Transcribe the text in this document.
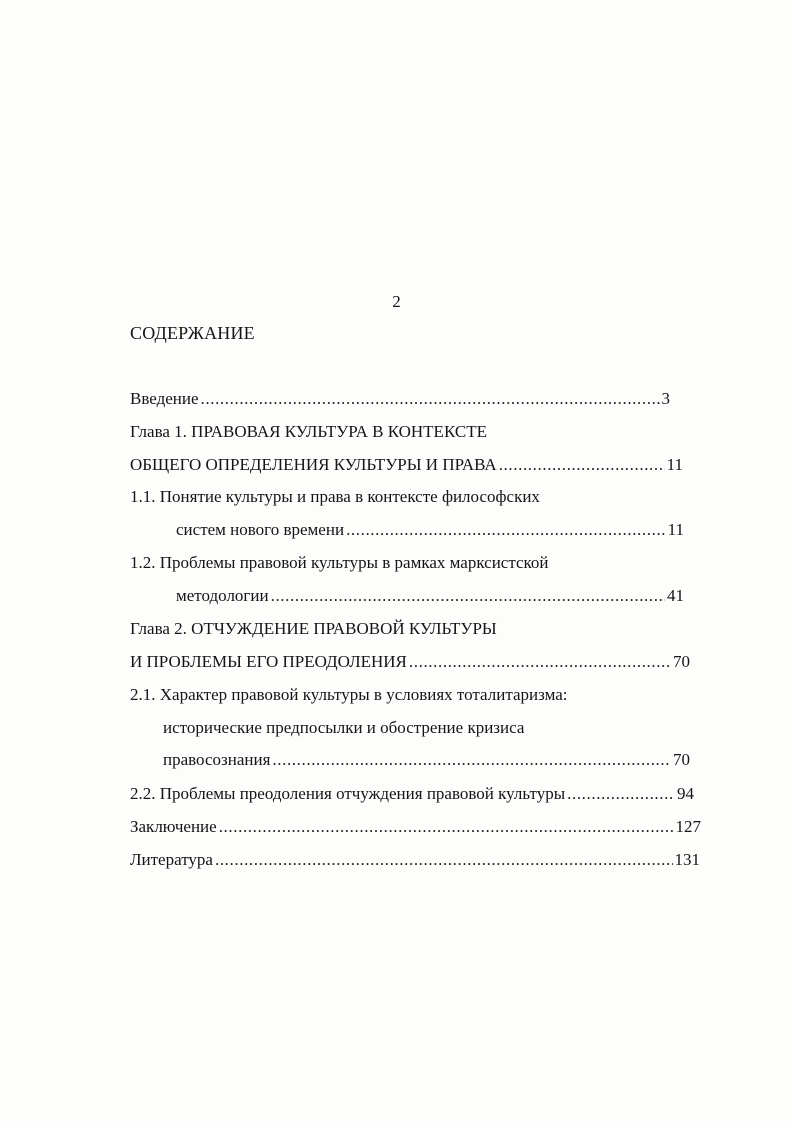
2
СОДЕРЖАНИЕ
Введение .....	3
Глава 1. ПРАВОВАЯ КУЛЬТУРА В КОНТЕКСТЕ
ОБЩЕГО ОПРЕДЕЛЕНИЯ КУЛЬТУРЫ И ПРАВА .....	11
1.1. Понятие культуры и права в контексте философских
систем нового времени .....	11
1.2. Проблемы правовой культуры в рамках марксистской
методологии .....	41
Глава 2. ОТЧУЖДЕНИЕ ПРАВОВОЙ КУЛЬТУРЫ
И ПРОБЛЕМЫ ЕГО ПРЕОДОЛЕНИЯ .....	70
2.1. Характер правовой культуры в условиях тоталитаризма:
исторические предпосылки и обострение кризиса
правосознания .....	70
2.2. Проблемы преодоления отчуждения правовой культуры .....	94
Заключение .....	127
Литература .....	131
